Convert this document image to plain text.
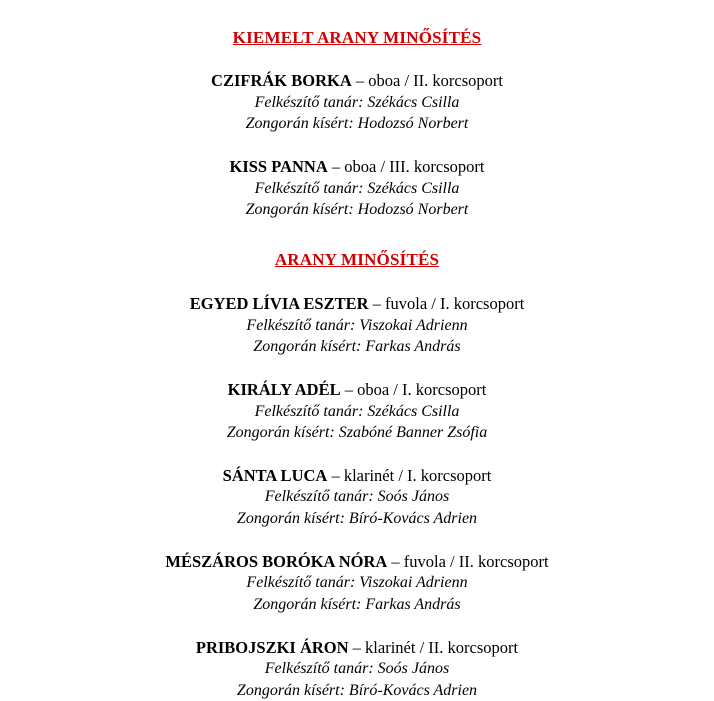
KIEMELT ARANY MINŐSÍTÉS
CZIFRÁK BORKA – oboa / II. korcsoport
Felkészítő tanár: Székács Csilla
Zongorán kísért: Hodozsó Norbert
KISS PANNA – oboa / III. korcsoport
Felkészítő tanár: Székács Csilla
Zongorán kísért: Hodozsó Norbert
ARANY MINŐSÍTÉS
EGYED LÍVIA ESZTER – fuvola / I. korcsoport
Felkészítő tanár: Viszokai Adrienn
Zongorán kísért: Farkas András
KIRÁLY ADÉL – oboa / I. korcsoport
Felkészítő tanár: Székács Csilla
Zongorán kísért: Szabóné Banner Zsófia
SÁNTA LUCA – klarinét / I. korcsoport
Felkészítő tanár: Soós János
Zongorán kísért: Bíró-Kovács Adrien
MÉSZÁROS BORÓKA NÓRA – fuvola / II. korcsoport
Felkészítő tanár: Viszokai Adrienn
Zongorán kísért: Farkas András
PRIBOJSZKI ÁRON – klarinét / II. korcsoport
Felkészítő tanár: Soós János
Zongorán kísért: Bíró-Kovács Adrien
